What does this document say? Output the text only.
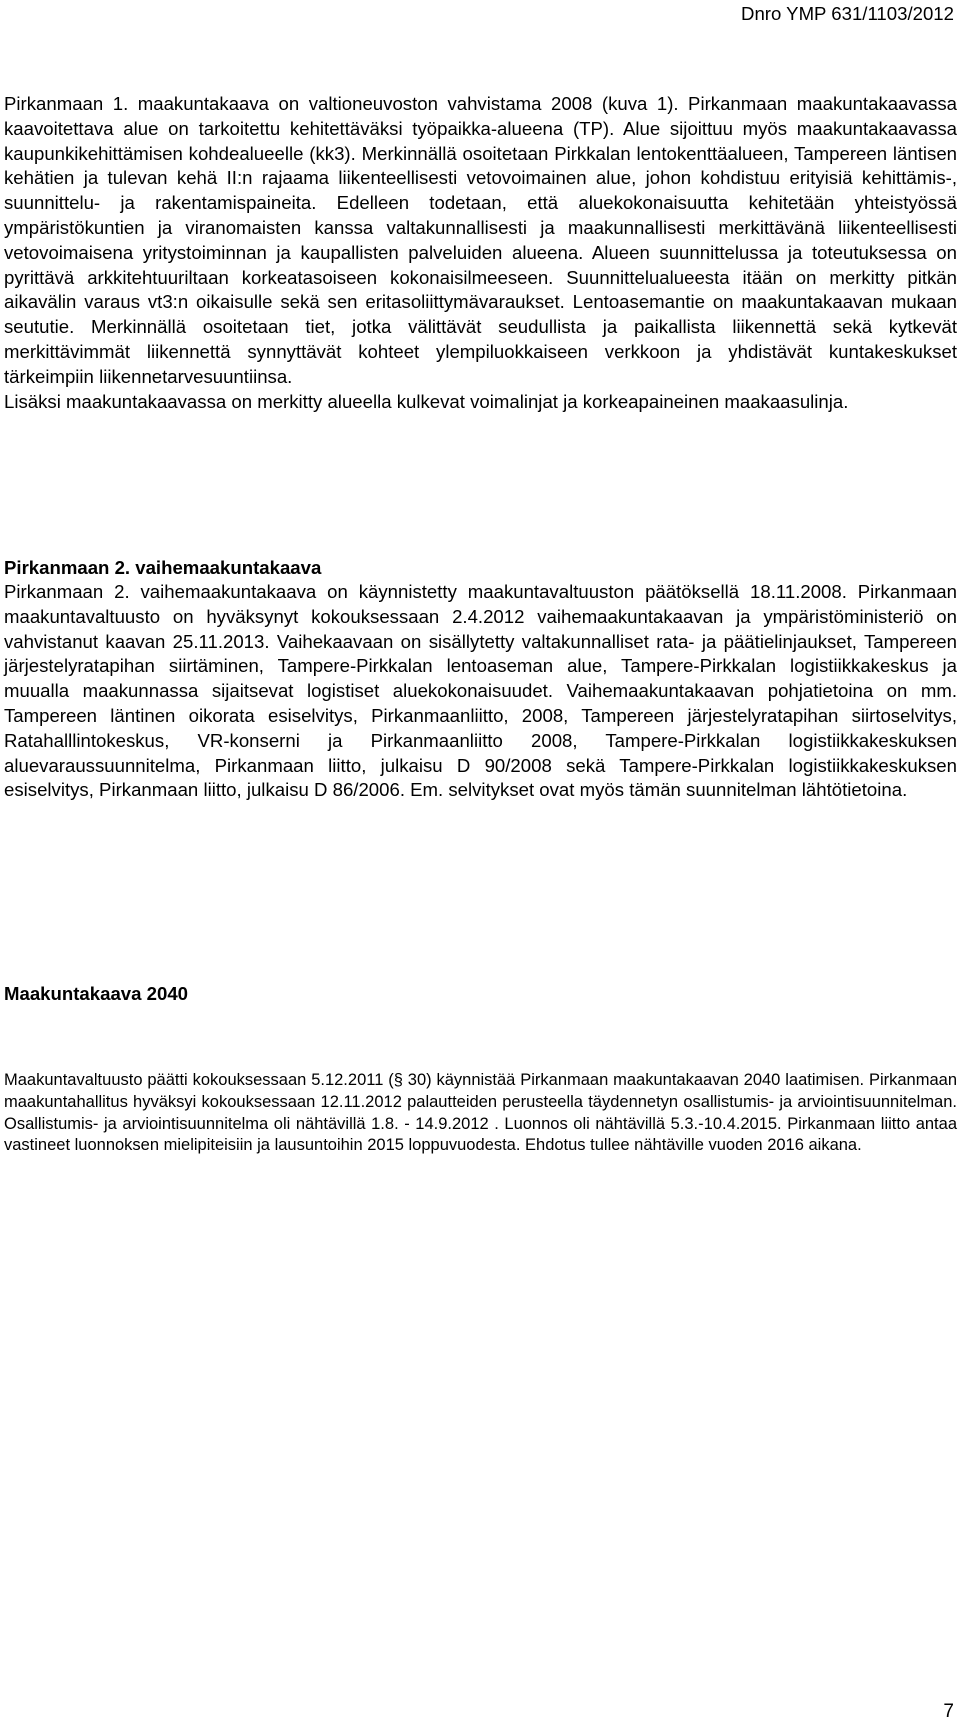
Dnro YMP 631/1103/2012

Pirkanmaan 1. maakuntakaava on valtioneuvoston vahvistama 2008 (kuva 1). Pirkanmaan maakuntakaavassa kaavoitettava alue on tarkoitettu kehitettäväksi työpaikka-alueena (TP). Alue sijoittuu myös maakuntakaavassa kaupunkikehittämisen kohdealueelle (kk3). Merkinnällä osoitetaan Pirkkalan lentokenttäalueen, Tampereen läntisen kehätien ja tulevan kehä II:n rajaama liikenteellisesti vetovoimainen alue, johon kohdistuu erityisiä kehittämis-, suunnittelu- ja rakentamispaineita. Edelleen todetaan, että aluekokonaisuutta kehitetään yhteistyössä ympäristökuntien ja viranomaisten kanssa valtakunnallisesti ja maakunnallisesti merkittävänä liikenteellisesti vetovoimaisena yritystoiminnan ja kaupallisten palveluiden alueena. Alueen suunnittelussa ja toteutuksessa on pyrittävä arkkitehtuuriltaan korkeatasoiseen kokonaisilmeeseen. Suunnittelualueesta itään on merkitty pitkän aikavälin varaus vt3:n oikaisulle sekä sen eritasoliittymävaraukset. Lentoasemantie on maakuntakaavan mukaan seututie. Merkinnällä osoitetaan tiet, jotka välittävät seudullista ja paikallista liikennettä sekä kytkevät merkittävimmät liikennettä synnyttävät kohteet ylempiluokkaiseen verkkoon ja yhdistävät kuntakeskukset tärkeimpiin liikennetarvesuuntiinsa.

Lisäksi maakuntakaavassa on merkitty alueella kulkevat voimalinjat ja korkeapaineinen maakaasulinja.

Pirkanmaan 2. vaihemaakuntakaava

Pirkanmaan 2. vaihemaakuntakaava on käynnistetty maakuntavaltuuston päätöksellä 18.11.2008. Pirkanmaan maakuntavaltuusto on hyväksynyt kokouksessaan 2.4.2012 vaihemaakuntakaavan ja ympäristöministeriö on vahvistanut kaavan 25.11.2013. Vaihekaavaan on sisällytetty valtakunnalliset rata- ja päätielinjaukset, Tampereen järjestelyratapihan siirtäminen, Tampere-Pirkkalan lentoaseman alue, Tampere-Pirkkalan logistiikkakeskus ja muualla maakunnassa sijaitsevat logistiset aluekokonaisuudet. Vaihemaakuntakaavan pohjatietoina on mm. Tampereen läntinen oikorata esiselvitys, Pirkanmaanliitto, 2008, Tampereen järjestelyratapihan siirtoselvitys, Ratahalllintokeskus, VR-konserni ja Pirkanmaanliitto 2008, Tampere-Pirkkalan logistiikkakeskuksen aluevaraussuunnitelma, Pirkanmaan liitto, julkaisu D 90/2008 sekä Tampere-Pirkkalan logistiikkakeskuksen esiselvitys, Pirkanmaan liitto, julkaisu D 86/2006. Em. selvitykset ovat myös tämän suunnitelman lähtötietoina.

Maakuntakaava 2040

Maakuntavaltuusto päätti kokouksessaan 5.12.2011 (§ 30) käynnistää Pirkanmaan maakuntakaavan 2040 laatimisen. Pirkanmaan maakuntahallitus hyväksyi kokouksessaan 12.11.2012 palautteiden perusteella täydennetyn osallistumis- ja arviointisuunnitelman. Osallistumis- ja arviointisuunnitelma oli nähtävillä 1.8. - 14.9.2012 . Luonnos oli nähtävillä 5.3.-10.4.2015. Pirkanmaan liitto antaa vastineet luonnoksen mielipiteisiin ja lausuntoihin 2015 loppuvuodesta. Ehdotus tullee nähtäville vuoden 2016 aikana.

7
